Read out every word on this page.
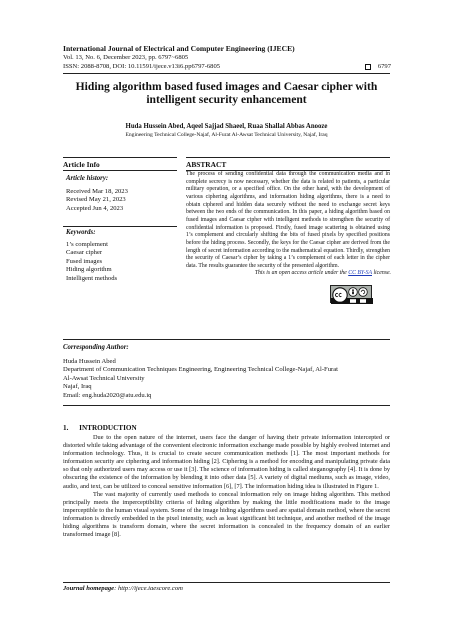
International Journal of Electrical and Computer Engineering (IJECE)
Vol. 13, No. 6, December 2023, pp. 6797~6805
ISSN: 2088-8708, DOI: 10.11591/ijece.v13i6.pp6797-6805	6797
Hiding algorithm based fused images and Caesar cipher with
intelligent security enhancement
Huda Hussein Abed, Aqeel Sajjad Shaeel, Ruaa Shallal Abbas Anooze
Engineering Technical College-Najaf, Al-Furat Al-Awsat Technical University, Najaf, Iraq
Article Info	ABSTRACT
Article history:
Received Mar 18, 2023
Revised May 21, 2023
Accepted Jun 4, 2023
Keywords:
1’s complement
Caesar cipher
Fused images
Hiding algorithm
Intelligent methods
The process of sending confidential data through the communication media and in complete secrecy is now necessary, whether the data is related to patients, a particular military operation, or a specified office. On the other hand, with the development of various ciphering algorithms, and information hiding algorithms, there is a need to obtain ciphered and hidden data securely without the need to exchange secret keys between the two ends of the communication. In this paper, a hiding algorithm based on fused images and Caesar cipher with intelligent methods to strengthen the security of confidential information is proposed. Firstly, fused image scattering is obtained using 1’s complement and circularly shifting the bits of fused pixels by specified positions before the hiding process. Secondly, the keys for the Caesar cipher are derived from the length of secret information according to the mathematical equation. Thirdly, strengthen the security of Caesar’s cipher by taking a 1’s complement of each letter in the cipher data. The results guarantee the security of the presented algorithm.
This is an open access article under the CC BY-SA license.
Corresponding Author:
Huda Hussein Abed
Department of Communication Techniques Engineering, Engineering Technical College-Najaf, Al-Furat
Al-Awsat Technical University
Najaf, Iraq
Email: eng.huda2020@atu.edu.iq
1.      INTRODUCTION

Due to the open nature of the internet, users face the danger of having their private information intercepted or distorted while taking advantage of the convenient electronic information exchange made possible by highly evolved internet and information technology. Thus, it is crucial to create secure communication methods [1]. The most important methods for information security are ciphering and information hiding [2]. Ciphering is a method for encoding and manipulating private data so that only authorized users may access or use it [3]. The science of information hiding is called steganography [4]. It is done by obscuring the existence of the information by blending it into other data [5]. A variety of digital mediums, such as image, video, audio, and text, can be utilized to conceal sensitive information [6], [7]. The information hiding idea is illustrated in Figure 1.

The vast majority of currently used methods to conceal information rely on image hiding algorithm. This method principally meets the imperceptibility criteria of hiding algorithm by making the little modifications made to the image imperceptible to the human visual system. Some of the image hiding algorithms used are spatial domain method, where the secret information is directly embedded in the pixel intensity, such as least significant bit technique, and another method of the image hiding algorithms is transform domain, where the secret information is concealed in the frequency domain of an earlier transformed image [8].

Journal homepage: http://ijece.iaescore.com
